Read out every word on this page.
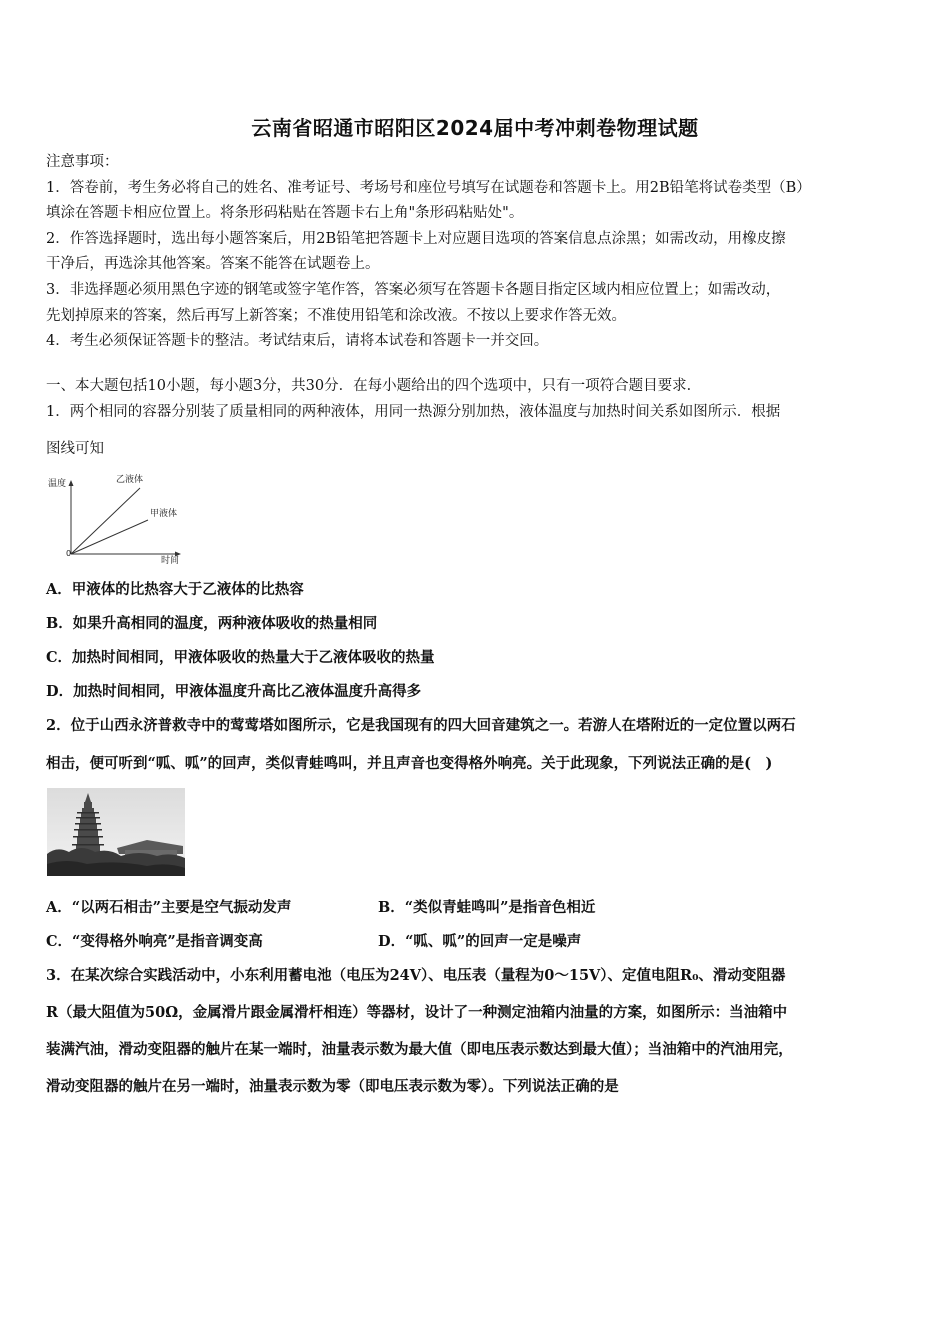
云南省昭通市昭阳区2024届中考冲刺卷物理试题

注意事项：

1．答卷前，考生务必将自己的姓名、准考证号、考场号和座位号填写在试题卷和答题卡上。用2B铅笔将试卷类型（B）

填涂在答题卡相应位置上。将条形码粘贴在答题卡右上角"条形码粘贴处"。

2．作答选择题时，选出每小题答案后，用2B铅笔把答题卡上对应题目选项的答案信息点涂黑；如需改动，用橡皮擦

干净后，再选涂其他答案。答案不能答在试题卷上。

3．非选择题必须用黑色字迹的钢笔或签字笔作答，答案必须写在答题卡各题目指定区域内相应位置上；如需改动，

先划掉原来的答案，然后再写上新答案；不准使用铅笔和涂改液。不按以上要求作答无效。

4．考生必须保证答题卡的整洁。考试结束后，请将本试卷和答题卡一并交回。

一、本大题包括10小题，每小题3分，共30分．在每小题给出的四个选项中，只有一项符合题目要求．

1．两个相同的容器分别装了质量相同的两种液体，用同一热源分别加热，液体温度与加热时间关系如图所示．根据

图线可知

温度
时间
0
乙液体
甲液体

A．甲液体的比热容大于乙液体的比热容

B．如果升高相同的温度，两种液体吸收的热量相同

C．加热时间相同，甲液体吸收的热量大于乙液体吸收的热量

D．加热时间相同，甲液体温度升高比乙液体温度升高得多

2．位于山西永济普救寺中的莺莺塔如图所示，它是我国现有的四大回音建筑之一。若游人在塔附近的一定位置以两石

相击，便可听到“呱、呱”的回声，类似青蛙鸣叫，并且声音也变得格外响亮。关于此现象，下列说法正确的是(　)

A．“以两石相击”主要是空气振动发声	B．“类似青蛙鸣叫”是指音色相近

C．“变得格外响亮”是指音调变高	D．“呱、呱”的回声一定是噪声

3．在某次综合实践活动中，小东利用蓄电池（电压为24V）、电压表（量程为0～15V）、定值电阻R₀、滑动变阻器

R（最大阻值为50Ω，金属滑片跟金属滑杆相连）等器材，设计了一种测定油箱内油量的方案，如图所示：当油箱中

装满汽油，滑动变阻器的触片在某一端时，油量表示数为最大值（即电压表示数达到最大值）；当油箱中的汽油用完，

滑动变阻器的触片在另一端时，油量表示数为零（即电压表示数为零）。下列说法正确的是
